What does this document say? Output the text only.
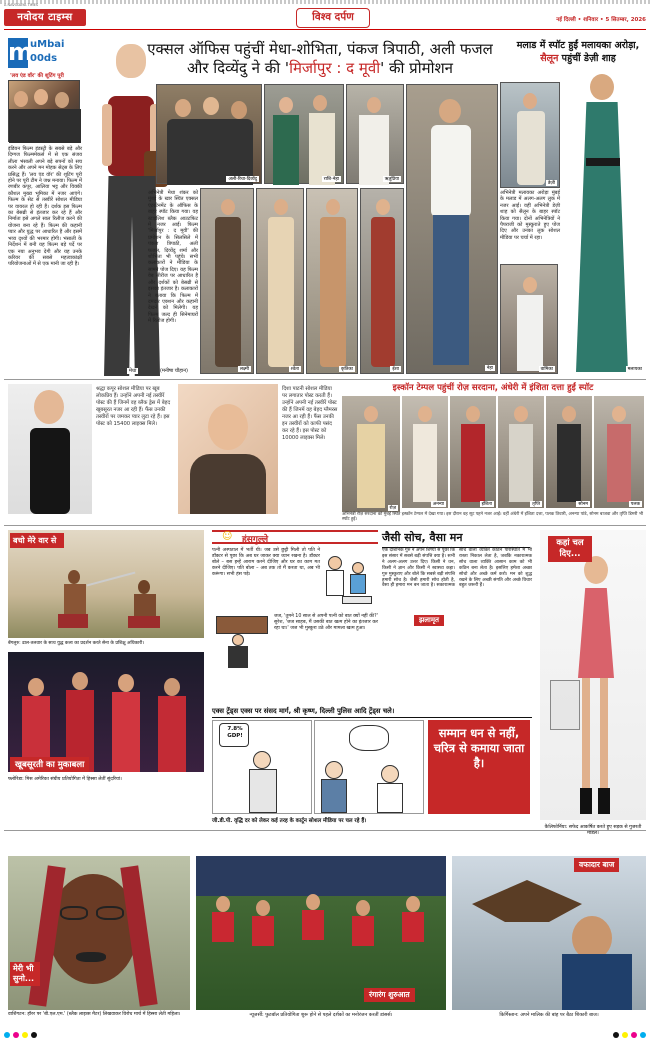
A NAVODAYA TIMES
नवोदय टाइम्स	विश्व दर्पण	नई दिल्ली • शनिवार • 5 सितम्बर, 2026
m
uMbai 00ds
'लव एंड वॉर' की शूटिंग पूरी
इंडियन फिल्म इंडस्ट्री के सबसे बड़े और दिग्गज फिल्ममेकर्स में से एक संजय लीला भंसाली अपने बड़े सपनों को सच करने और अपने मन मोहक सेट्स के लिए प्रसिद्ध हैं। 'लव एंड वॉर' की शूटिंग पूरी होने पर पूरी टीम ने जश्न मनाया। फिल्म में रणबीर कपूर, आलिया भट्ट और विक्की कौशल मुख्य भूमिका में नजर आएंगे। फिल्म के सेट से तस्वीरें सोशल मीडिया पर वायरल हो रही हैं। दर्शक इस फिल्म का बेसब्री से इंतजार कर रहे हैं और निर्माता इसे अगले साल रिलीज करने की योजना बना रहे हैं। फिल्म की कहानी प्यार और युद्ध पर आधारित है और इसमें भव्य दृश्यों की भरमार होगी। भंसाली के निर्देशन में बनी यह फिल्म बड़े पर्दे पर एक नया अनुभव देगी और यह उनके करियर की सबसे महत्वाकांक्षी परियोजनाओं में से एक मानी जा रही है।
मेधा
एक्सल ऑफिस पहुंचीं मेधा-शोभिता, पंकज त्रिपाठी, अली फजल और दिव्येंदु ने की 'मिर्जापुर : द मूवी' की प्रोमोशन
मलाड में स्पॉट हुईं मलायका अरोड़ा, सैलून पहुंचीं डेज़ी शाह
अली-रिचा-दिव्येंदु	राशि-नेहा	ऋतुप्रिया
नेहा
अभिनेत्री मेधा शंकर को मुंबई के खार स्थित एक्सल एंटरटेनमेंट के ऑफिस के बाहर स्पॉट किया गया। वह स्टाइलिश ब्लैक आउटफिट में नजर आईं। फिल्म 'मिर्जापुर : द मूवी' की प्रमोशन के सिलसिले में पंकज त्रिपाठी, अली फजल, दिव्येंदु शर्मा और शोभिता भी पहुंचे। सभी कलाकारों ने मीडिया के सामने पोज दिए। यह फिल्म वेब सीरीज पर आधारित है और दर्शकों को बेसब्री से इसका इंतजार है। कलाकारों ने बताया कि फिल्म में दमदार एक्शन और कहानी देखने को मिलेगी। यह फिल्म जल्द ही सिनेमाघरों में रिलीज होगी।
(मनीषा चौहान)	कृतिका	ईशा
डेज़ी
मलायका
अभिनेत्री मलायका अरोड़ा मुंबई के मलाड में अलग-अलग लुक में नजर आईं। वहीं अभिनेत्री डेज़ी शाह को सैलून के बाहर स्पॉट किया गया। दोनों अभिनेत्रियों ने पैपराजी को मुस्कुराते हुए पोज दिए और उनका लुक सोशल मीडिया पर चर्चा में रहा।
वामिका
लक्ष्मी	श्वेता
श्रद्धा कपूर सोशल मीडिया पर खूब लोकप्रिय हैं। उन्होंने अपनी नई तस्वीरें पोस्ट की हैं जिनमें वह ब्लैक ड्रेस में बेहद खूबसूरत नजर आ रही हैं। फैंस उनकी तस्वीरों पर जमकर प्यार लुटा रहे हैं। इस पोस्ट को 15400 लाइक्स मिले।
दिशा पाटनी सोशल मीडिया पर लगातार पोस्ट करती हैं। उन्होंने अपनी नई तस्वीरें पोस्ट की हैं जिनमें वह बेहद ग्लैमरस नजर आ रही हैं। फैंस उनकी इन तस्वीरों को काफी पसंद कर रहे हैं। इस पोस्ट को 10000 लाइक्स मिले।
इस्कॉन टेम्पल पहुंचीं रोज़ सरदाना, अंधेरी में इंशिता दत्ता हुईं स्पॉट
रोज़
अनन्या	इंशिता	तृप्ति	सोनम	पलक
अभिनेत्री रोज़ सरदाना को मुंबई स्थित इस्कॉन टेम्पल में देखा गया। इस दौरान वह सूट पहने नजर आईं। वहीं अंधेरी में इंशिता दत्ता, पलक तिवारी, अनन्या पांडे, सोनम बाजवा और तृप्ति डिमरी भी स्पॉट हुईं।
बचो मेरे वार से
बेंगलुरु: ढाल-तलवार के साथ युद्ध कला का प्रदर्शन करते सेना के प्रशिक्षु अधिकारी।
☺ हंसगुल्ले
पत्नी अस्पताल में भर्ती थी। जब उसे छुट्टी मिली तो पति ने डॉक्टर से पूछा कि अब घर जाकर क्या ध्यान रखना है। डॉक्टर बोले – बस इन्हें आराम करने दीजिए और घर का काम मत करने दीजिए। पति बोला – अब तक तो मैं करता था, अब भी करूंगा। सभी हंस पड़े।
जज, 'तुमने 10 साल से अपनी पत्नी को बात क्यों नहीं की?' सुरेश, 'जज साहब, मैं उसकी बात खत्म होने का इंतजार कर रहा था।' जज भी मुस्कुरा उठे और मामला खत्म हुआ।
जैसी सोच, वैसा मन
एक दार्शनिक गुरु ने अपने शिष्यों से पूछा कि इस संसार में सबसे बड़ी संपत्ति क्या है। सभी ने अलग-अलग उत्तर दिए। किसी ने धन, किसी ने ज्ञान और किसी ने स्वास्थ्य कहा। गुरु मुस्कुराए और बोले कि सबसे बड़ी संपत्ति हमारी सोच है। जैसी हमारी सोच होती है, वैसा ही हमारा मन बन जाता है। सकारात्मक सोच वाला व्यक्ति कठिन परिस्थिति में भी रास्ता निकाल लेता है, जबकि नकारात्मक सोच वाला व्यक्ति आसान काम को भी कठिन बना लेता है। इसलिए हमेशा अच्छा सोचो और अच्छे कर्म करो। मन को शुद्ध रखने के लिए अच्छी संगति और अच्छे विचार बहुत जरूरी हैं।
झलामृत
कहां चल दिए...
कैलिफोर्निया: सफेद आकर्षित करते हुए सड़क से गुजरती मॉडल।
खूबसूरती का मुकाबला
फ्लोरिडा: मिस अमेरिका संघीय प्रतियोगिता में हिस्सा लेतीं सुंदरियां।
एक्स ट्रेंड्स एक्स पर संसद मार्ग, श्री कृष्ण, दिल्ली पुलिस आदि ट्रेंड्स चले।
7.8% GDP!
जी.डी.पी. वृद्धि दर को लेकर कई तरह के कार्टून सोशल मीडिया पर चल रहे हैं।
सम्मान धन से नहीं, चरित्र से कमाया जाता है।
मेरी भी सुनो...
वाशिंगटन: हॉरर पर 'बी.एल.एम.' (ब्लैक लाइव्स मैटर) लिखवाकर विरोध मार्च में हिस्सा लेती महिला।
रंगारंग शुरुआत
न्यूजर्सी: फुटबॉल प्रतियोगिता शुरू होने से पहले दर्शकों का मनोरंजन करतीं डांसर्स।
वफादार बाज
किर्गिस्तान: अपने मालिक की बांह पर बैठा शिकारी बाज।
